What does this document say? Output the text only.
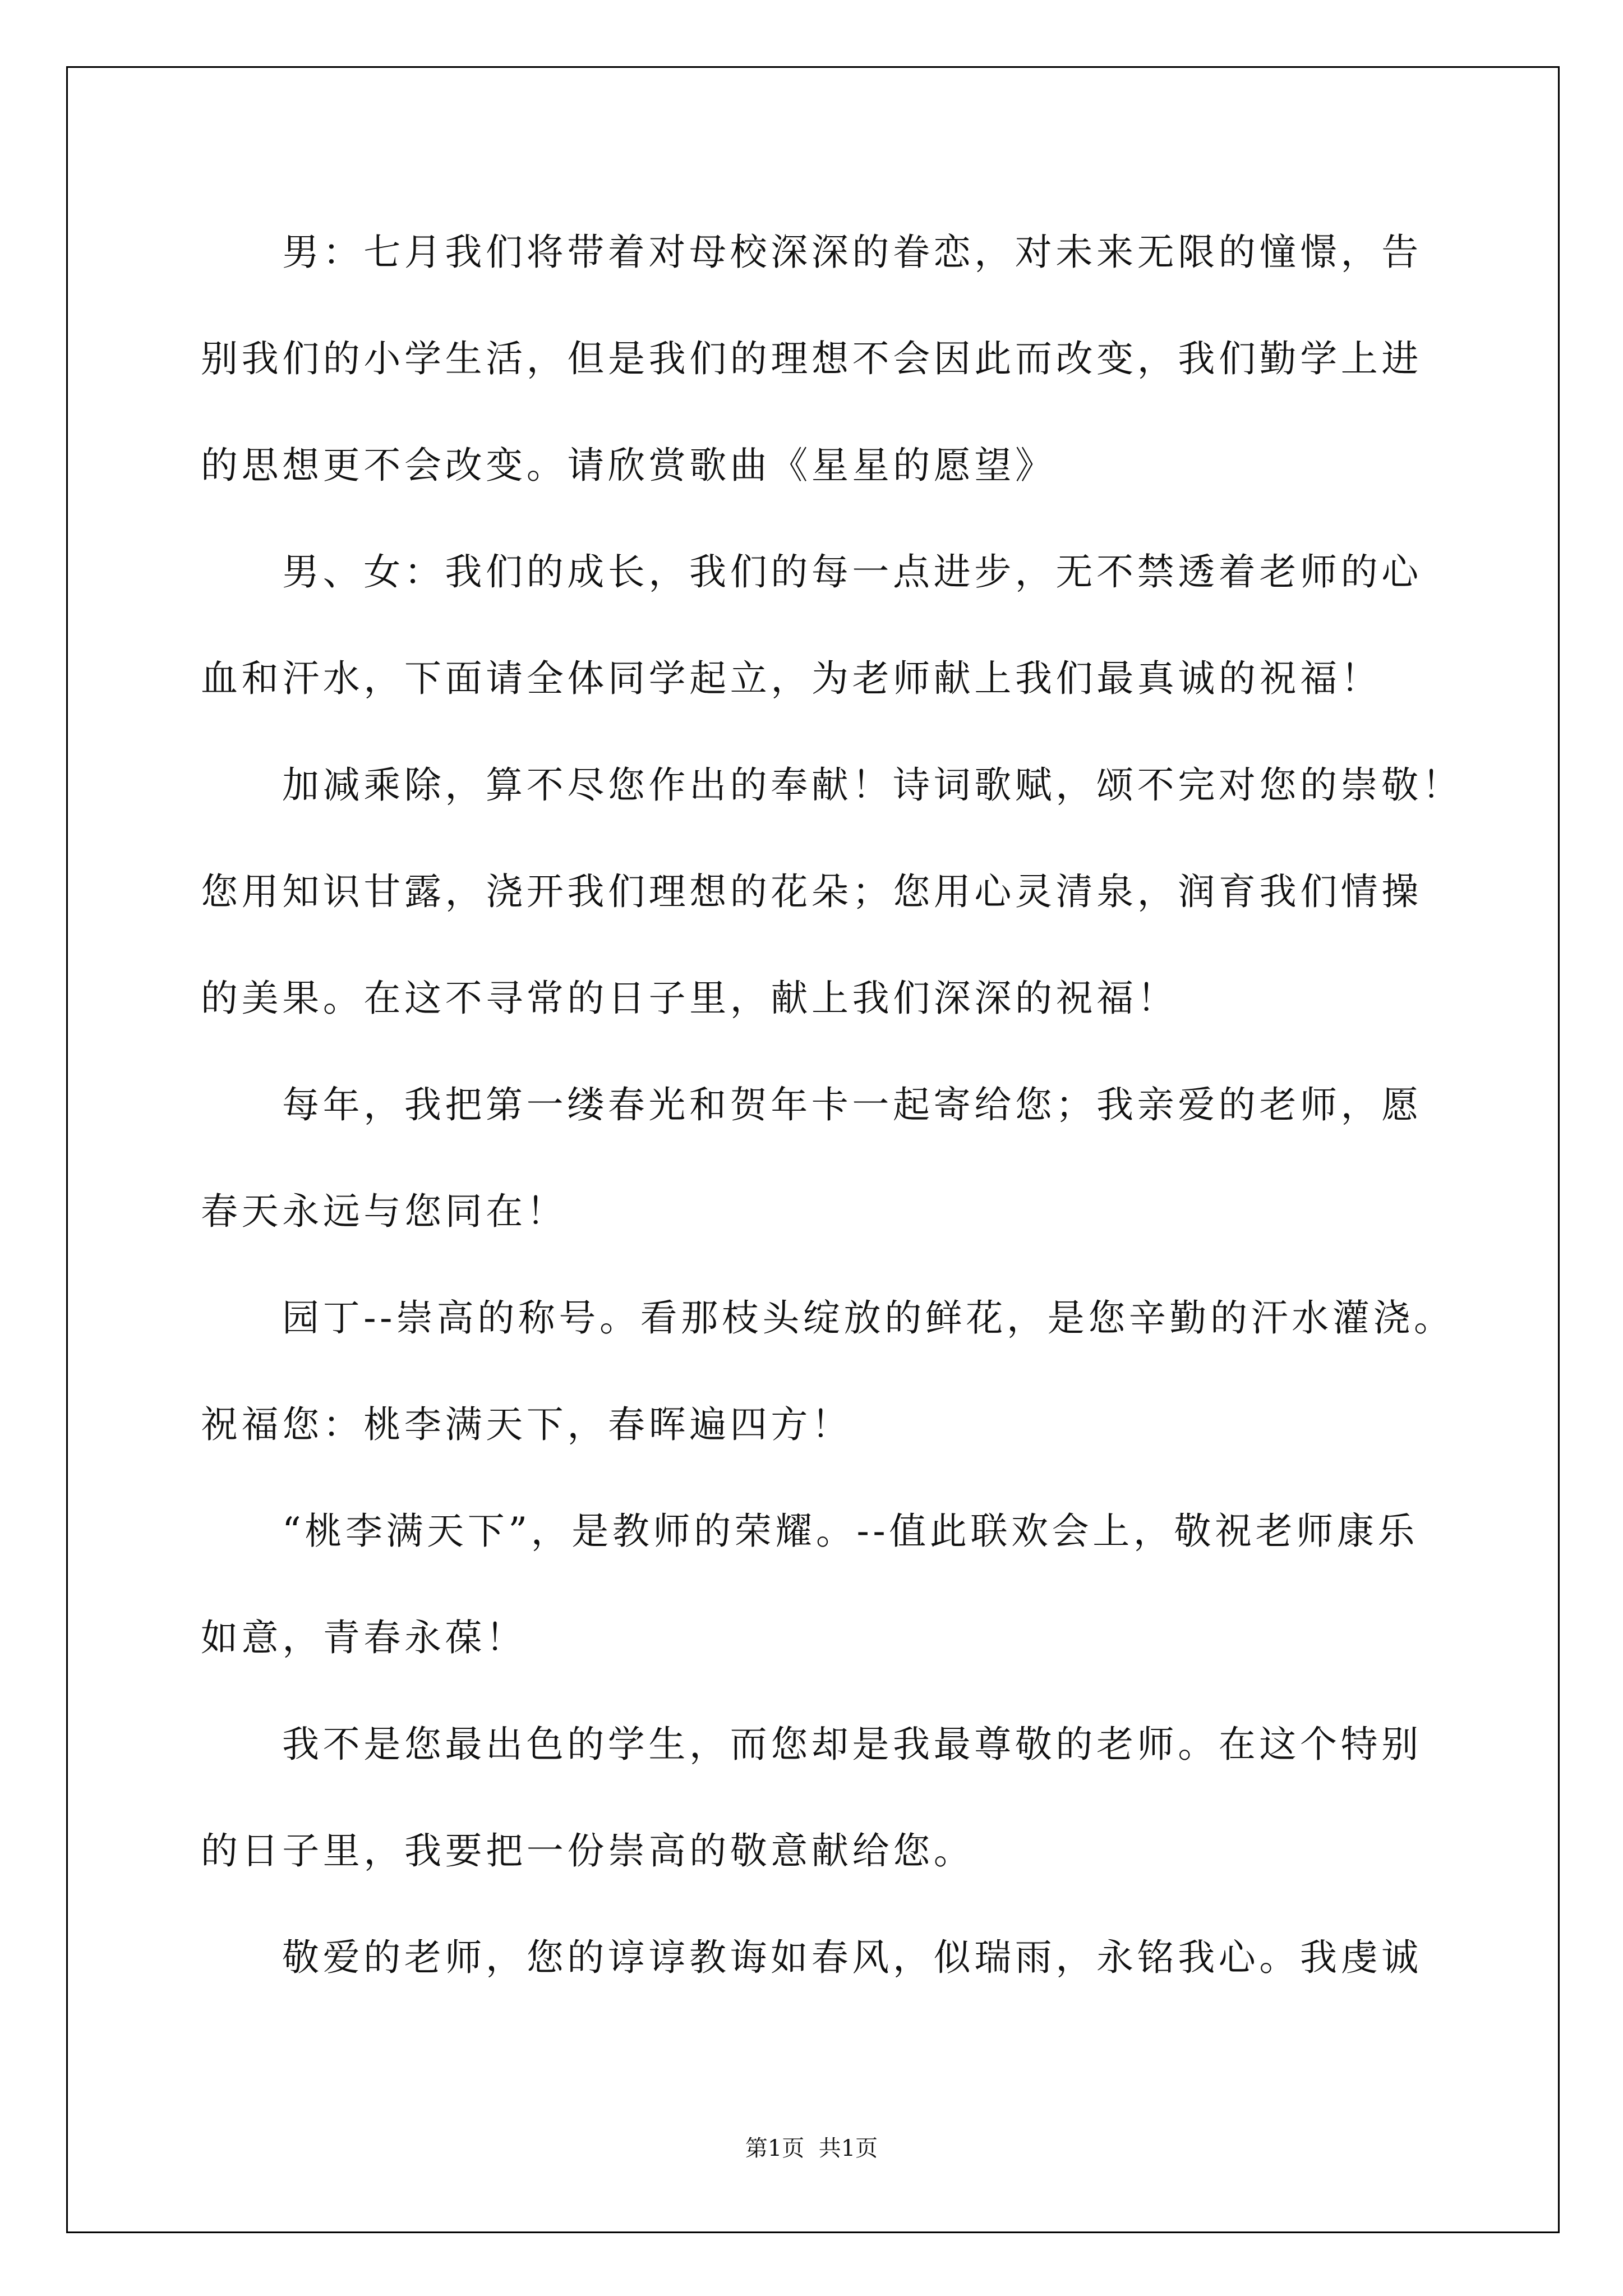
男：七月我们将带着对母校深深的眷恋，对未来无限的憧憬，告
别我们的小学生活，但是我们的理想不会因此而改变，我们勤学上进
的思想更不会改变。请欣赏歌曲《星星的愿望》
男、女：我们的成长，我们的每一点进步，无不禁透着老师的心
血和汗水，下面请全体同学起立，为老师献上我们最真诚的祝福！
加减乘除，算不尽您作出的奉献！诗词歌赋，颂不完对您的崇敬！
您用知识甘露，浇开我们理想的花朵；您用心灵清泉，润育我们情操
的美果。在这不寻常的日子里，献上我们深深的祝福！
每年，我把第一缕春光和贺年卡一起寄给您；我亲爱的老师，愿
春天永远与您同在！
园丁--崇高的称号。看那枝头绽放的鲜花，是您辛勤的汗水灌浇。
祝福您：桃李满天下，春晖遍四方！
“桃李满天下”，是教师的荣耀。--值此联欢会上，敬祝老师康乐
如意，青春永葆！
我不是您最出色的学生，而您却是我最尊敬的老师。在这个特别
的日子里，我要把一份崇高的敬意献给您。
敬爱的老师，您的谆谆教诲如春风，似瑞雨，永铭我心。我虔诚
第1页  共1页
